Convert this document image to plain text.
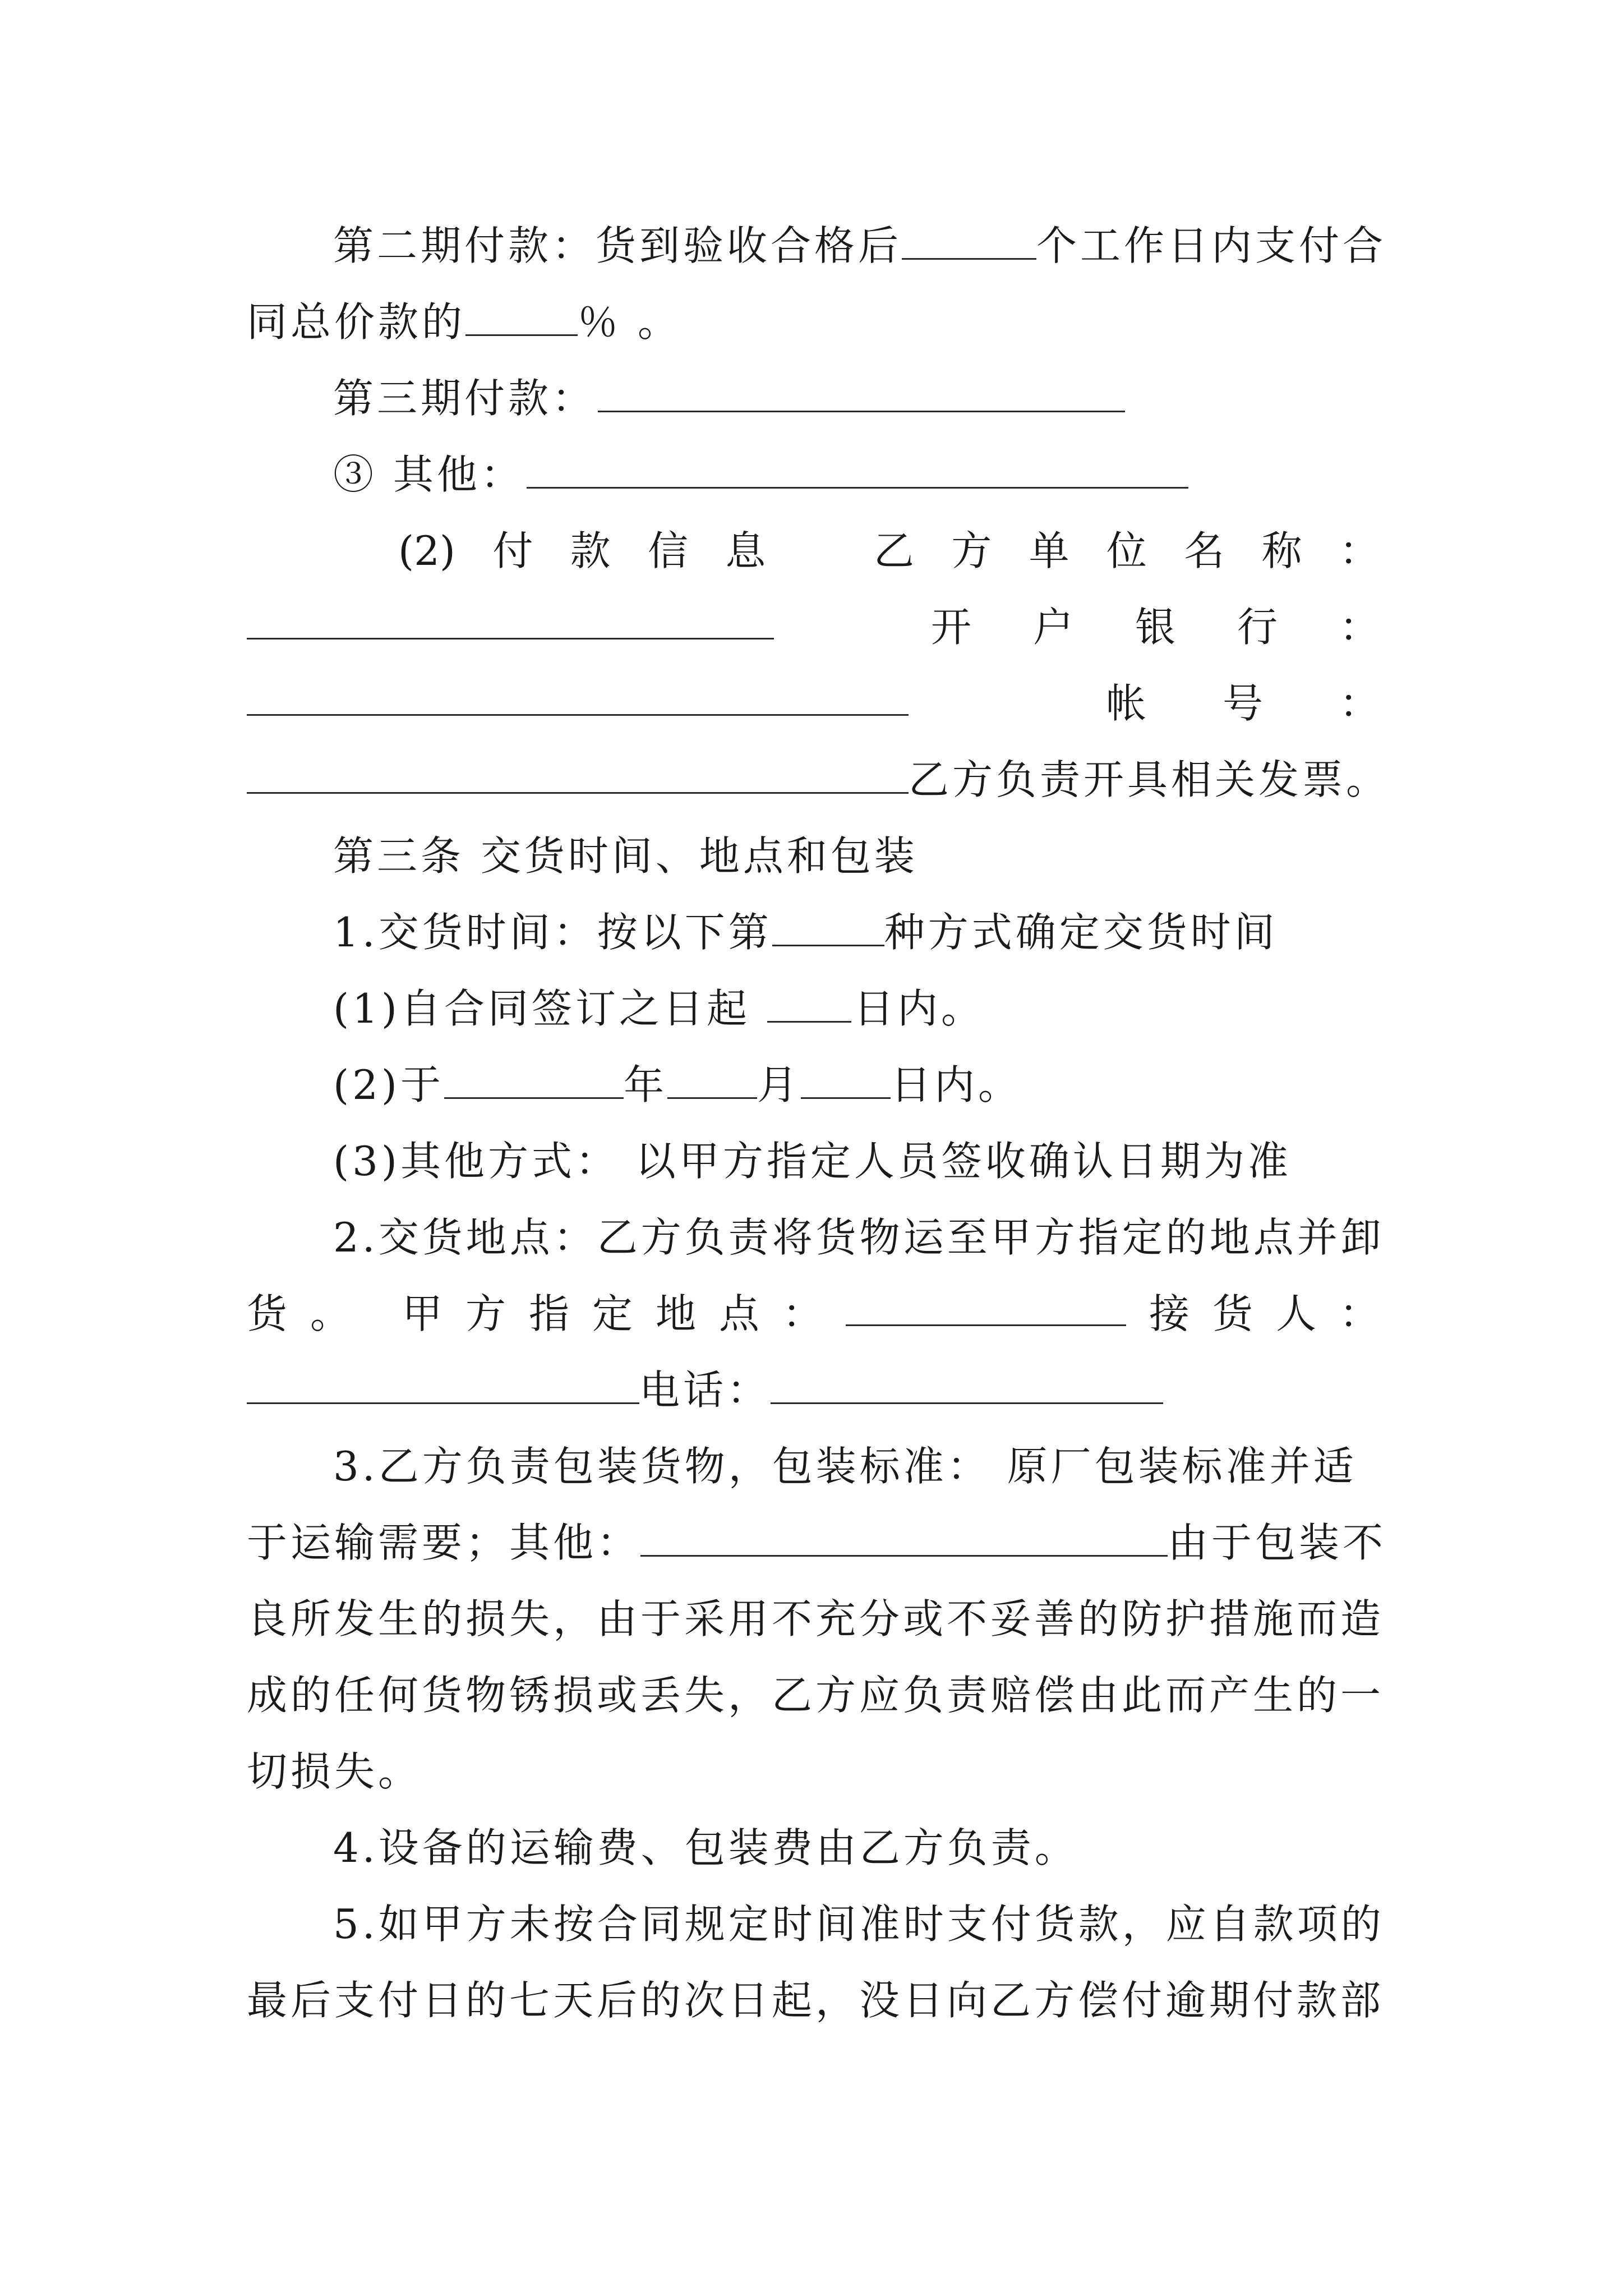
第二期付款：货到验收合格后	个工作日内支付合
同总价款的	％ 。
第三期付款：
③ 其他：
(2) 付 款 信 息	乙 方 单 位 名 称 ：
开 户 银 行 ：
帐 号 ：
乙方负责开具相关发票。
第三条 交货时间、地点和包装
1.交货时间：按以下第	种方式确定交货时间
(1)自合同签订之日起	日内。
(2)于	年 月 日内。
(3)其他方式： 以甲方指定人员签收确认日期为准
2.交货地点：乙方负责将货物运至甲方指定的地点并卸
货 。 甲 方 指 定 地 点 ：	接 货 人 ：
电话：
3.乙方负责包装货物，包装标准： 原厂包装标准并适
于运输需要；其他：	由于包装不
良所发生的损失，由于采用不充分或不妥善的防护措施而造
成的任何货物锈损或丢失，乙方应负责赔偿由此而产生的一
切损失。
4.设备的运输费、包装费由乙方负责。
5.如甲方未按合同规定时间准时支付货款，应自款项的
最后支付日的七天后的次日起，没日向乙方偿付逾期付款部
